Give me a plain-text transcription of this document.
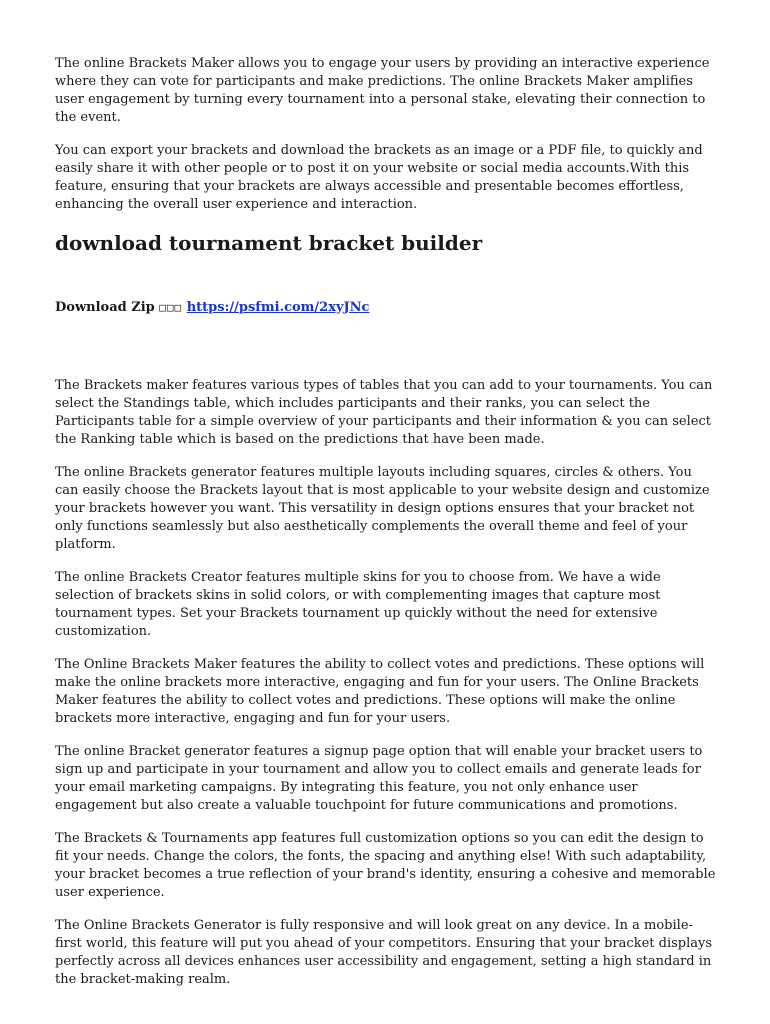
The online Brackets Maker allows you to engage your users by providing an interactive experience where they can vote for participants and make predictions. The online Brackets Maker amplifies user engagement by turning every tournament into a personal stake, elevating their connection to the event.

You can export your brackets and download the brackets as an image or a PDF file, to quickly and easily share it with other people or to post it on your website or social media accounts.With this feature, ensuring that your brackets are always accessible and presentable becomes effortless, enhancing the overall user experience and interaction.

download tournament bracket builder
Download Zip □□□ https://psfmi.com/2xyJNc

The Brackets maker features various types of tables that you can add to your tournaments. You can select the Standings table, which includes participants and their ranks, you can select the Participants table for a simple overview of your participants and their information & you can select the Ranking table which is based on the predictions that have been made.

The online Brackets generator features multiple layouts including squares, circles & others. You can easily choose the Brackets layout that is most applicable to your website design and customize your brackets however you want. This versatility in design options ensures that your bracket not only functions seamlessly but also aesthetically complements the overall theme and feel of your platform.

The online Brackets Creator features multiple skins for you to choose from. We have a wide selection of brackets skins in solid colors, or with complementing images that capture most tournament types. Set your Brackets tournament up quickly without the need for extensive customization.

The Online Brackets Maker features the ability to collect votes and predictions. These options will make the online brackets more interactive, engaging and fun for your users. The Online Brackets Maker features the ability to collect votes and predictions. These options will make the online brackets more interactive, engaging and fun for your users.

The online Bracket generator features a signup page option that will enable your bracket users to sign up and participate in your tournament and allow you to collect emails and generate leads for your email marketing campaigns. By integrating this feature, you not only enhance user engagement but also create a valuable touchpoint for future communications and promotions.

The Brackets & Tournaments app features full customization options so you can edit the design to fit your needs. Change the colors, the fonts, the spacing and anything else! With such adaptability, your bracket becomes a true reflection of your brand's identity, ensuring a cohesive and memorable user experience.

The Online Brackets Generator is fully responsive and will look great on any device. In a mobile-first world, this feature will put you ahead of your competitors. Ensuring that your bracket displays perfectly across all devices enhances user accessibility and engagement, setting a high standard in the bracket-making realm.
